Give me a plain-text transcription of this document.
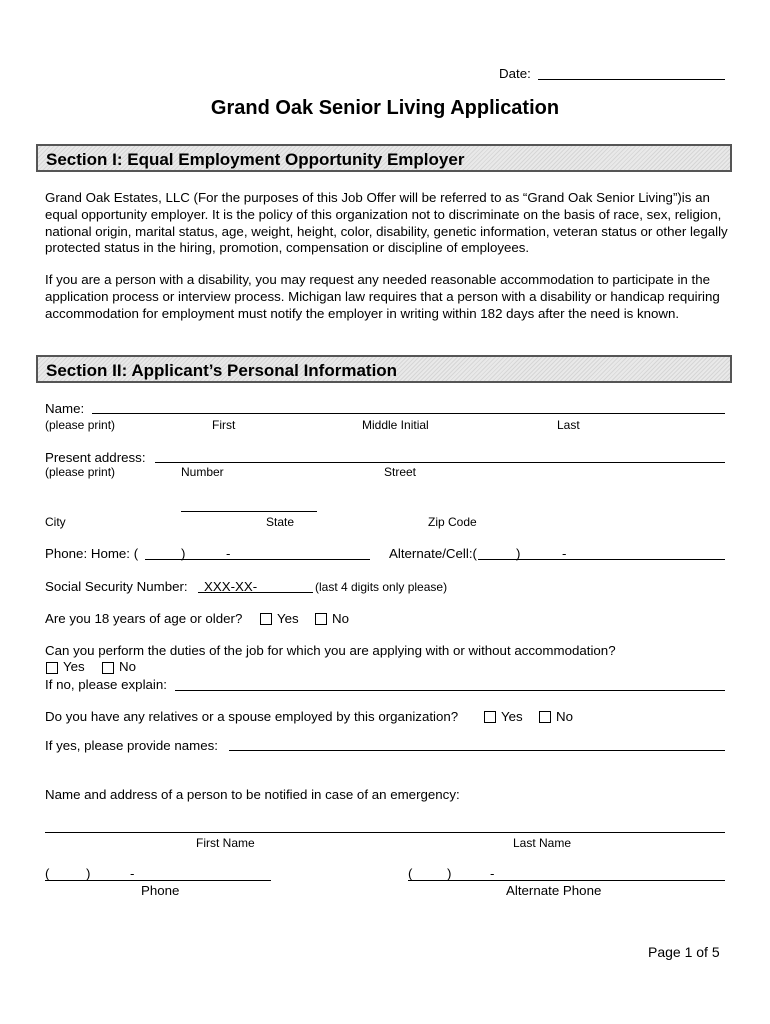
Date:
Grand Oak Senior Living Application
Section I: Equal Employment Opportunity Employer
Grand Oak Estates, LLC (For the purposes of this Job Offer will be referred to as “Grand Oak Senior Living”)is an equal opportunity employer. It is the policy of this organization not to discriminate on the basis of race, sex, religion, national origin, marital status, age, weight, height, color, disability, genetic information, veteran status or other legally protected status in the hiring, promotion, compensation or discipline of employees.
If you are a person with a disability, you may request any needed reasonable accommodation to participate in the application process or interview process. Michigan law requires that a person with a disability or handicap requiring accommodation for employment must notify the employer in writing within 182 days after the need is known.
Section II: Applicant’s Personal Information
Name:
(please print)	First	Middle Initial	Last
Present address:
(please print)	Number	Street
City	State	Zip Code
Phone: Home: (	)	-	Alternate/Cell:(	)	-
Social Security Number: XXX-XX-	(last 4 digits only please)
Are you 18 years of age or older?	Yes	No
Can you perform the duties of the job for which you are applying with or without accommodation?
Yes	No
If no, please explain:
Do you have any relatives or a spouse employed by this organization?	Yes	No
If yes, please provide names:
Name and address of a person to be notified in case of an emergency:
First Name	Last Name
(	)	-
Phone
(	)	-
Alternate Phone
Page 1 of 5
